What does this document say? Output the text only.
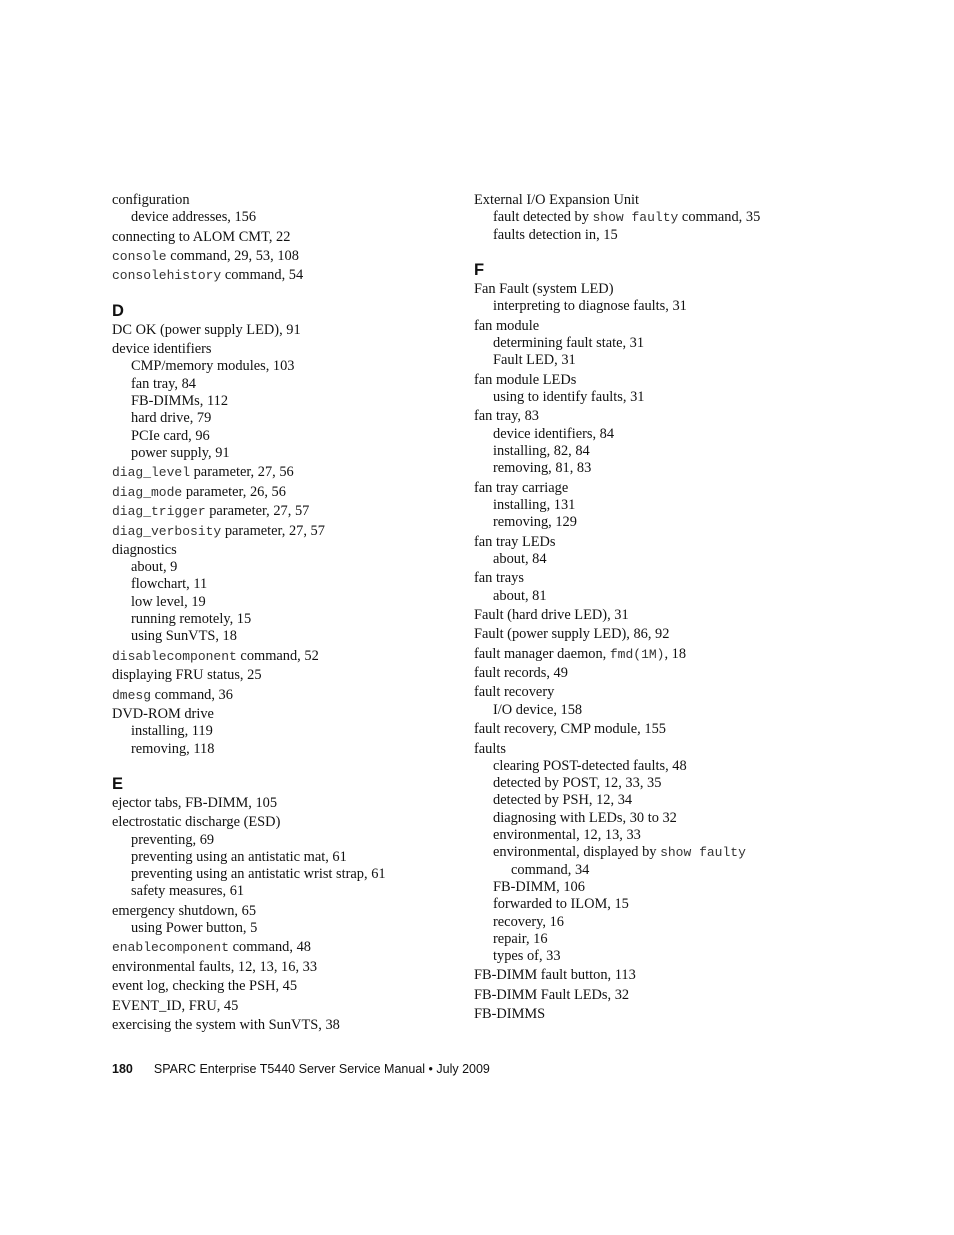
configuration
device addresses, 156
connecting to ALOM CMT, 22
console command, 29, 53, 108
consolehistory command, 54
D
DC OK (power supply LED), 91
device identifiers
CMP/memory modules, 103
fan tray, 84
FB-DIMMs, 112
hard drive, 79
PCIe card, 96
power supply, 91
diag_level parameter, 27, 56
diag_mode parameter, 26, 56
diag_trigger parameter, 27, 57
diag_verbosity parameter, 27, 57
diagnostics
about, 9
flowchart, 11
low level, 19
running remotely, 15
using SunVTS, 18
disablecomponent command, 52
displaying FRU status, 25
dmesg command, 36
DVD-ROM drive
installing, 119
removing, 118
E
ejector tabs, FB-DIMM, 105
electrostatic discharge (ESD)
preventing, 69
preventing using an antistatic mat, 61
preventing using an antistatic wrist strap, 61
safety measures, 61
emergency shutdown, 65
using Power button, 5
enablecomponent command, 48
environmental faults, 12, 13, 16, 33
event log, checking the PSH, 45
EVENT_ID, FRU, 45
exercising the system with SunVTS, 38
External I/O Expansion Unit
fault detected by show faulty command, 35
faults detection in, 15
F
Fan Fault (system LED)
interpreting to diagnose faults, 31
fan module
determining fault state, 31
Fault LED, 31
fan module LEDs
using to identify faults, 31
fan tray, 83
device identifiers, 84
installing, 82, 84
removing, 81, 83
fan tray carriage
installing, 131
removing, 129
fan tray LEDs
about, 84
fan trays
about, 81
Fault (hard drive LED), 31
Fault (power supply LED), 86, 92
fault manager daemon, fmd(1M), 18
fault records, 49
fault recovery
I/O device, 158
fault recovery, CMP module, 155
faults
clearing POST-detected faults, 48
detected by POST, 12, 33, 35
detected by PSH, 12, 34
diagnosing with LEDs, 30 to 32
environmental, 12, 13, 33
environmental, displayed by show faulty
command, 34
FB-DIMM, 106
forwarded to ILOM, 15
recovery, 16
repair, 16
types of, 33
FB-DIMM fault button, 113
FB-DIMM Fault LEDs, 32
FB-DIMMS
180 SPARC Enterprise T5440 Server Service Manual • July 2009
